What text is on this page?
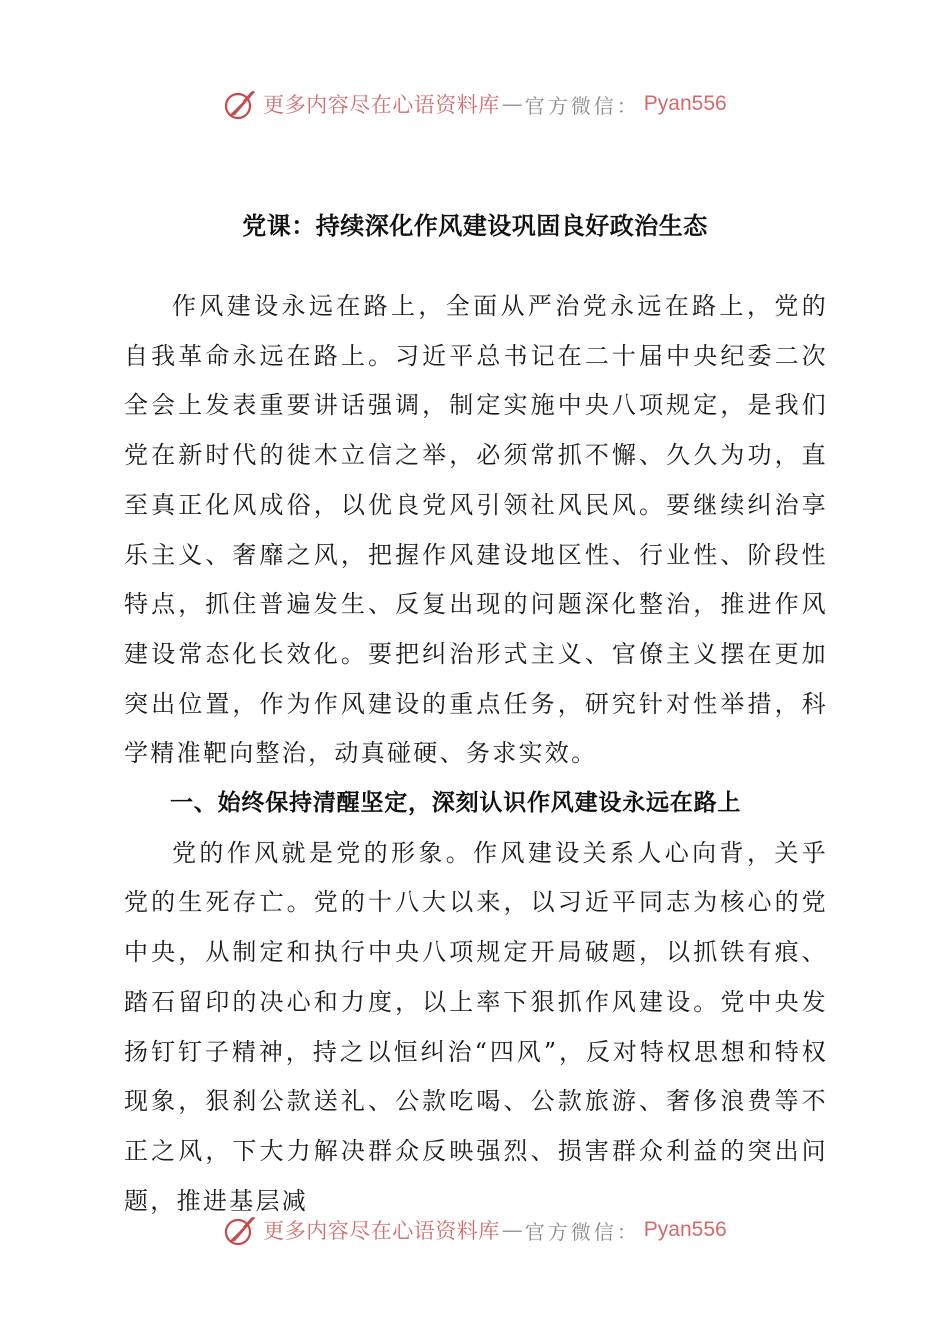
更多内容尽在心语资料库 — 官方微信： Pyan556
党课：持续深化作风建设巩固良好政治生态

作风建设永远在路上，全面从严治党永远在路上，党的自我革命永远在路上。习近平总书记在二十届中央纪委二次全会上发表重要讲话强调，制定实施中央八项规定，是我们党在新时代的徙木立信之举，必须常抓不懈、久久为功，直至真正化风成俗，以优良党风引领社风民风。要继续纠治享乐主义、奢靡之风，把握作风建设地区性、行业性、阶段性特点，抓住普遍发生、反复出现的问题深化整治，推进作风建设常态化长效化。要把纠治形式主义、官僚主义摆在更加突出位置，作为作风建设的重点任务，研究针对性举措，科学精准靶向整治，动真碰硬、务求实效。

一、始终保持清醒坚定，深刻认识作风建设永远在路上

党的作风就是党的形象。作风建设关系人心向背，关乎党的生死存亡。党的十八大以来，以习近平同志为核心的党中央，从制定和执行中央八项规定开局破题，以抓铁有痕、踏石留印的决心和力度，以上率下狠抓作风建设。党中央发扬钉钉子精神，持之以恒纠治“四风”，反对特权思想和特权现象，狠刹公款送礼、公款吃喝、公款旅游、奢侈浪费等不正之风，下大力解决群众反映强烈、损害群众利益的突出问题，推进基层减

更多内容尽在心语资料库 — 官方微信： Pyan556
